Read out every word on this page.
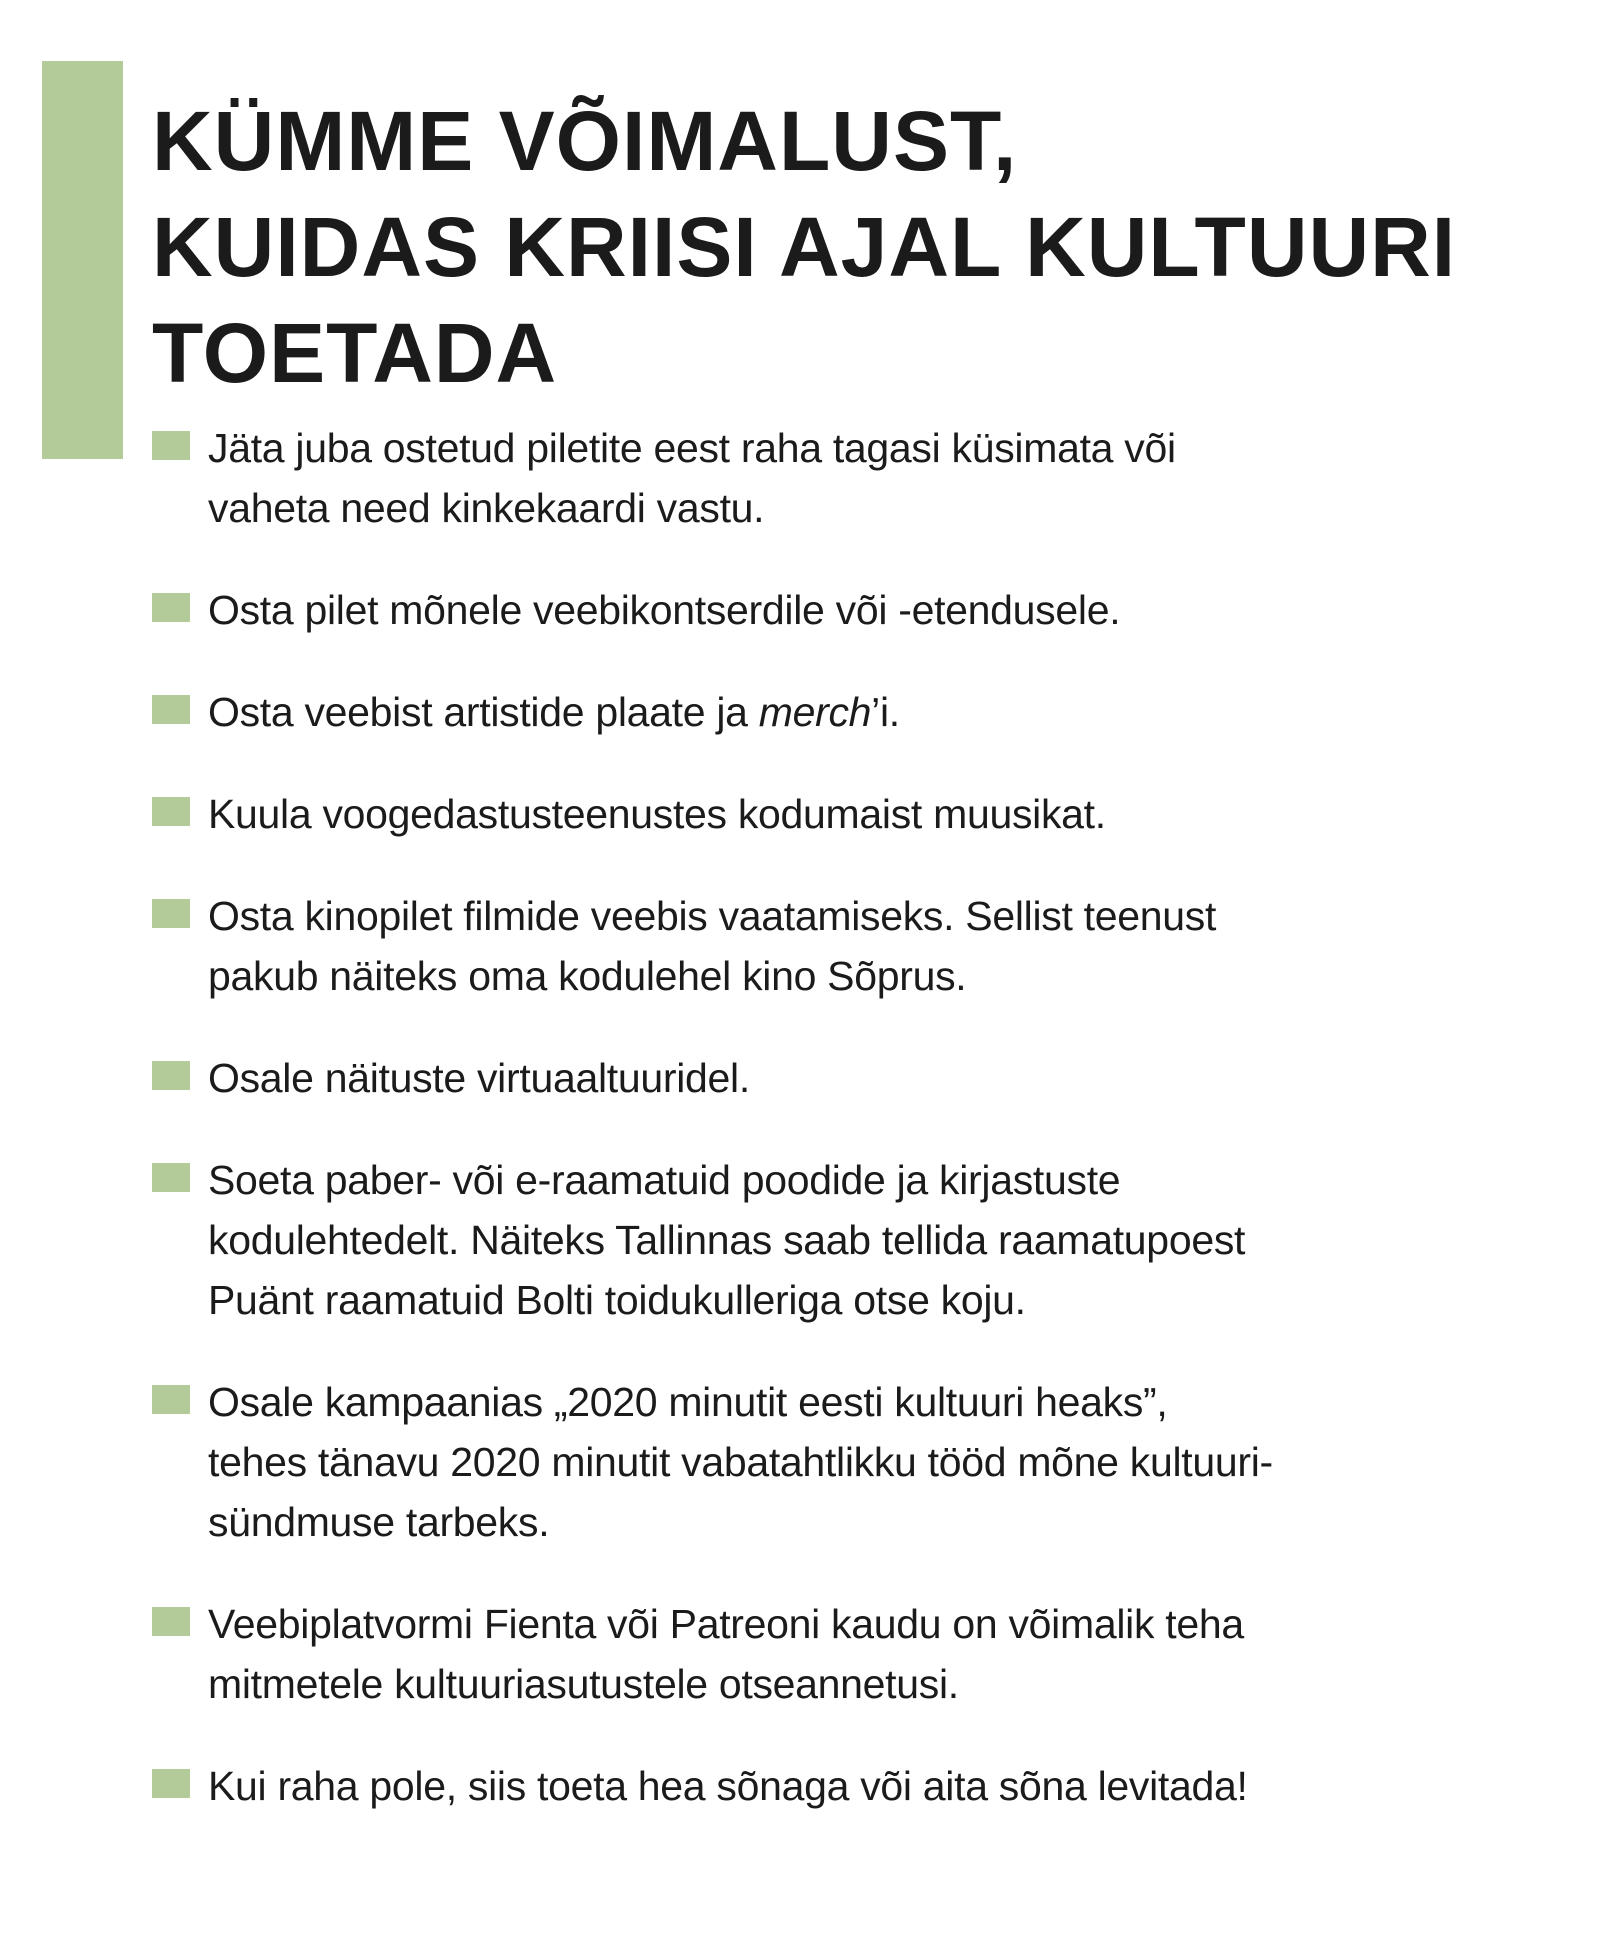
KÜMME VÕIMALUST,
KUIDAS KRIISI AJAL KULTUURI
TOETADA
Jäta juba ostetud piletite eest raha tagasi küsimata või
vaheta need kinkekaardi vastu.
Osta pilet mõnele veebikontserdile või -etendusele.
Osta veebist artistide plaate ja merch’i.
Kuula voogedastusteenustes kodumaist muusikat.
Osta kinopilet filmide veebis vaatamiseks. Sellist teenust
pakub näiteks oma kodulehel kino Sõprus.
Osale näituste virtuaaltuuridel.
Soeta paber- või e-raamatuid poodide ja kirjastuste
kodulehtedelt. Näiteks Tallinnas saab tellida raamatupoest
Puänt raamatuid Bolti toidukulleriga otse koju.
Osale kampaanias „2020 minutit eesti kultuuri heaks”,
tehes tänavu 2020 minutit vabatahtlikku tööd mõne kultuuri-
sündmuse tarbeks.
Veebiplatvormi Fienta või Patreoni kaudu on võimalik teha
mitmetele kultuuriasutustele otseannetusi.
Kui raha pole, siis toeta hea sõnaga või aita sõna levitada!
